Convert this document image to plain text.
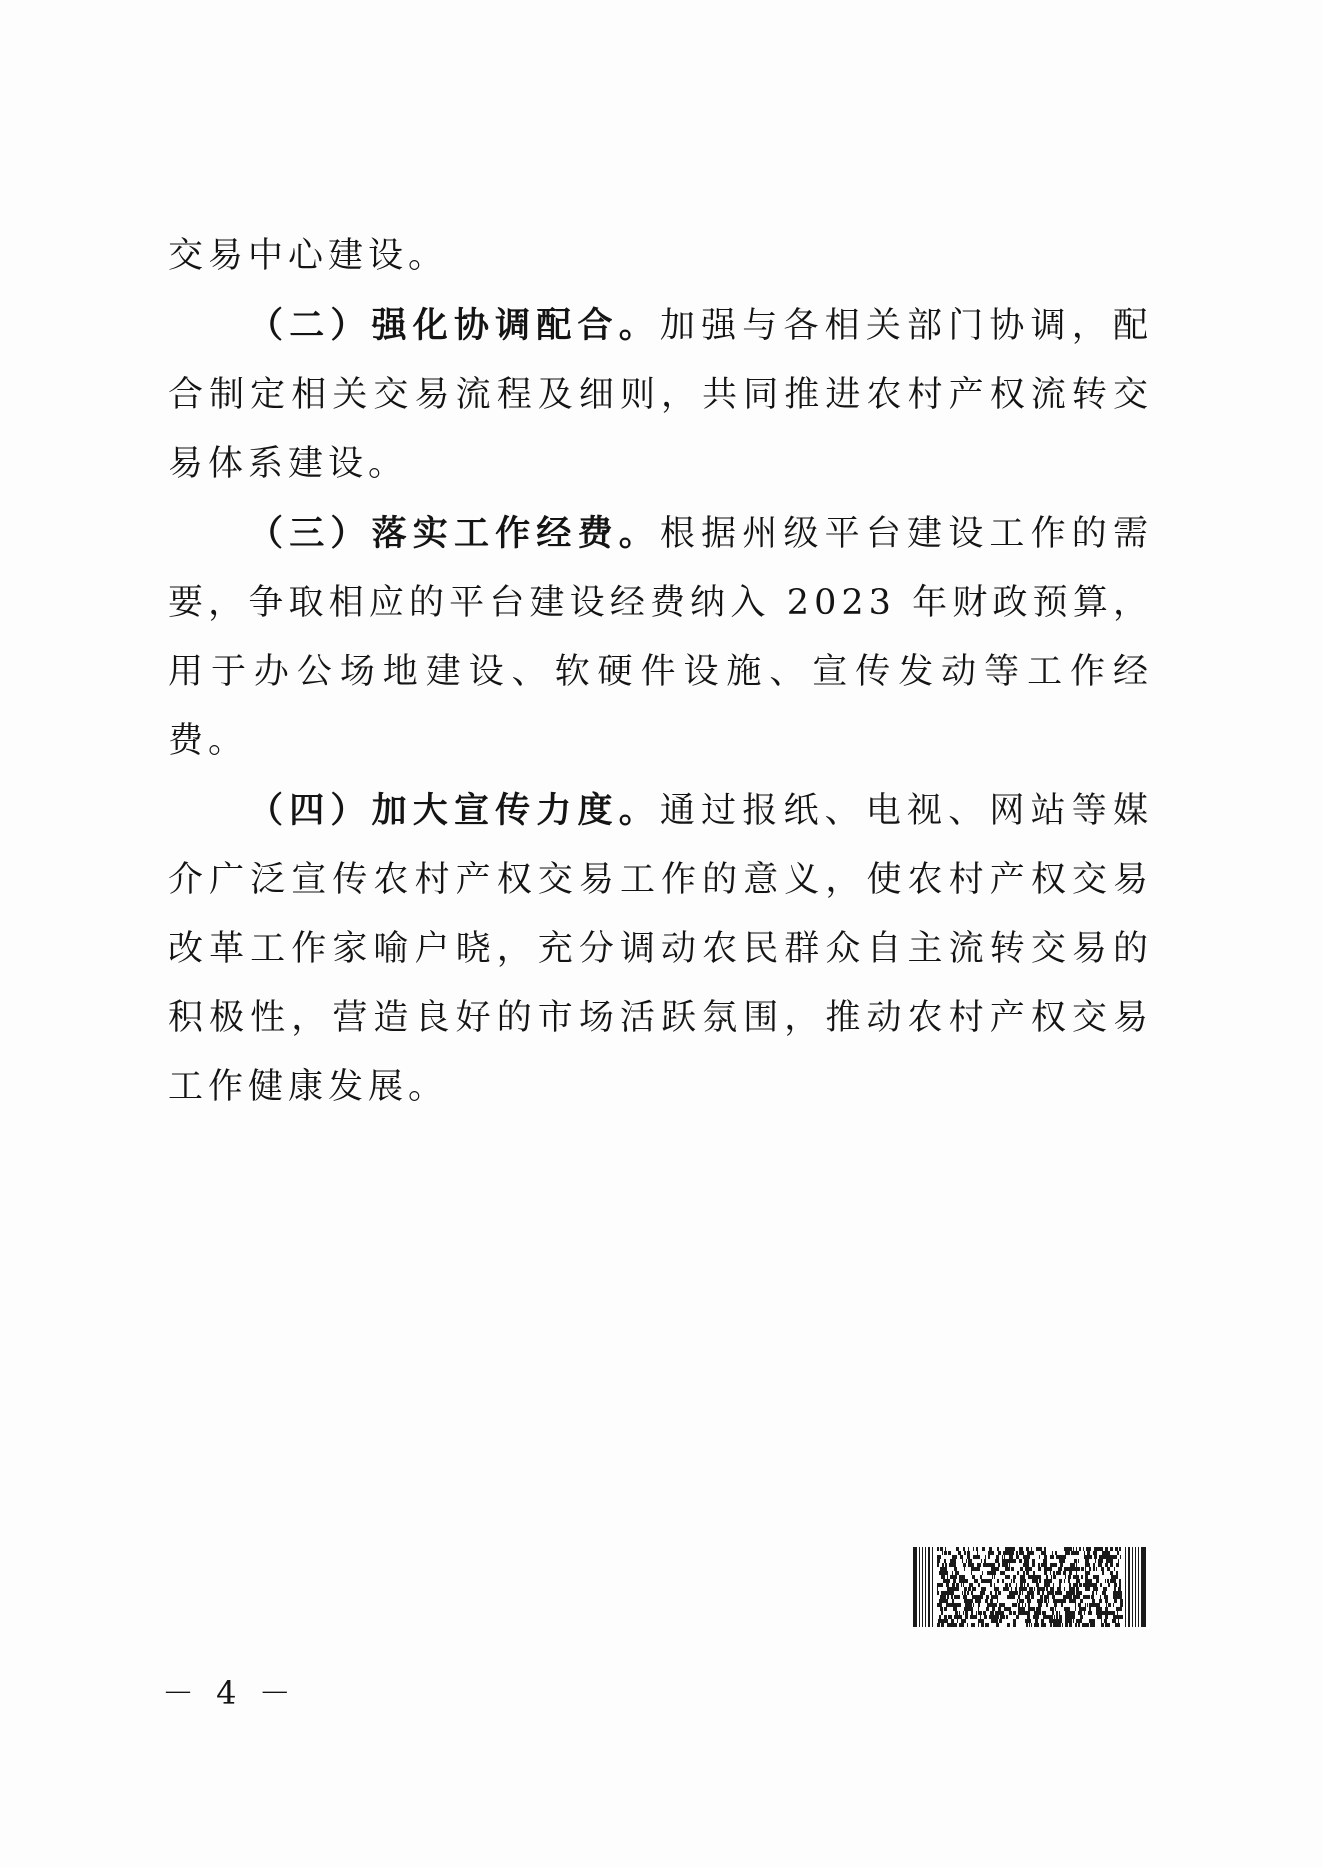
交易中心建设。

（二）强化协调配合。加强与各相关部门协调，配合制定相关交易流程及细则，共同推进农村产权流转交易体系建设。

（三）落实工作经费。根据州级平台建设工作的需要，争取相应的平台建设经费纳入 2023 年财政预算，用于办公场地建设、软硬件设施、宣传发动等工作经费。

（四）加大宣传力度。通过报纸、电视、网站等媒介广泛宣传农村产权交易工作的意义，使农村产权交易改革工作家喻户晓，充分调动农民群众自主流转交易的积极性，营造良好的市场活跃氛围，推动农村产权交易工作健康发展。

－ 4 －
